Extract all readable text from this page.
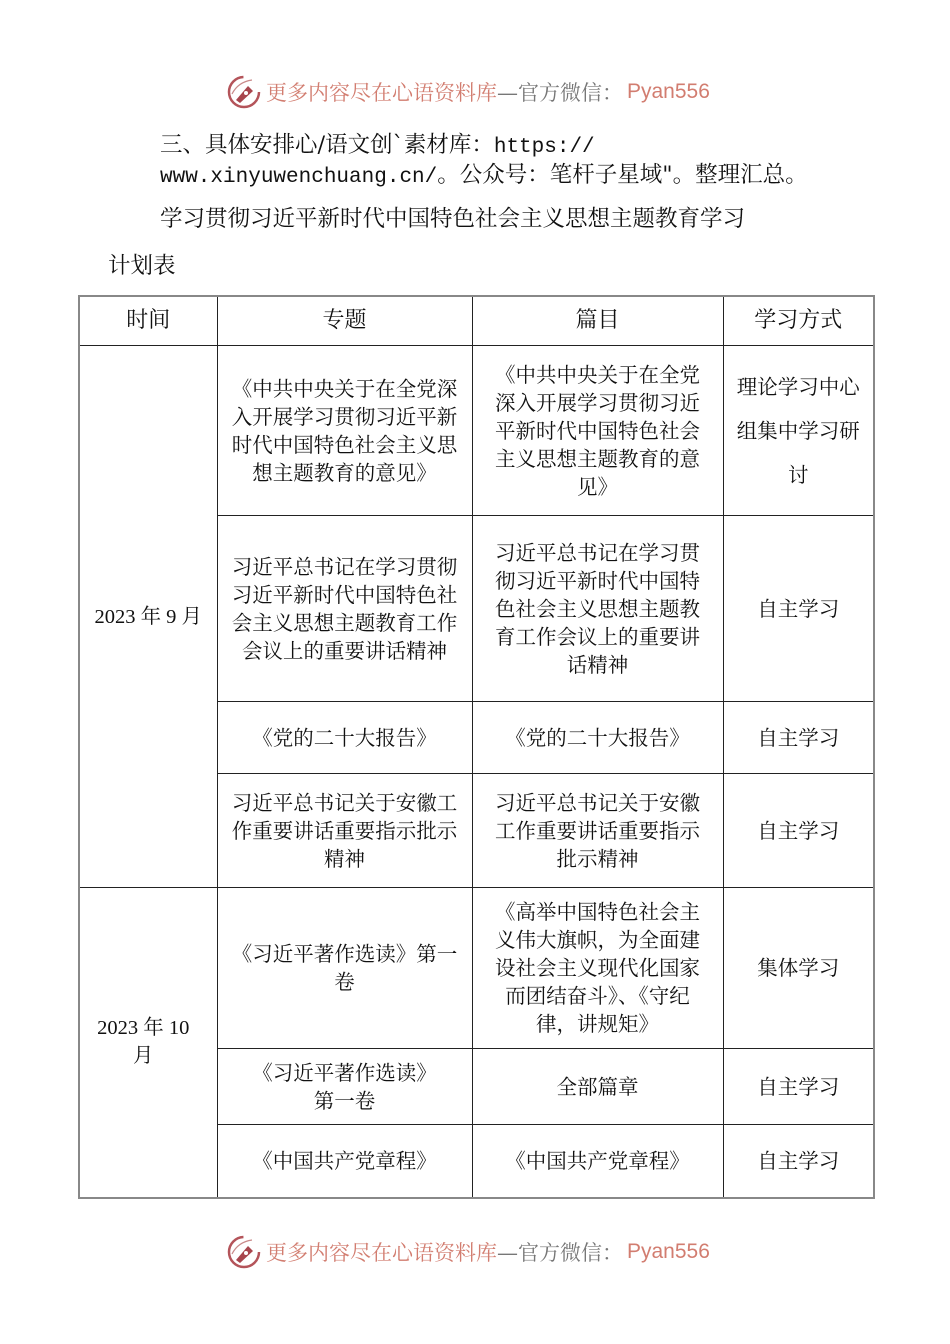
更多内容尽在心语资料库 —官方微信： Pyan556
三、具体安排心/语文创`素材库：https://
www.xinyuwenchuang.cn/。公众号：笔杆子星域"。整理汇总。
学习贯彻习近平新时代中国特色社会主义思想主题教育学习
计划表
时间	专题	篇目	学习方式
2023 年 9 月	《中共中央关于在全党深入开展学习贯彻习近平新时代中国特色社会主义思想主题教育的意见》	《中共中央关于在全党深入开展学习贯彻习近平新时代中国特色社会主义思想主题教育的意见》	理论学习中心组集中学习研讨
	习近平总书记在学习贯彻习近平新时代中国特色社会主义思想主题教育工作会议上的重要讲话精神	习近平总书记在学习贯彻习近平新时代中国特色社会主义思想主题教育工作会议上的重要讲话精神	自主学习
	《党的二十大报告》	《党的二十大报告》	自主学习
	习近平总书记关于安徽工作重要讲话重要指示批示精神	习近平总书记关于安徽工作重要讲话重要指示批示精神	自主学习
2023 年 10 月	《习近平著作选读》第一卷	《高举中国特色社会主义伟大旗帜，为全面建设社会主义现代化国家而团结奋斗》、《守纪律，讲规矩》	集体学习
	《习近平著作选读》第一卷	全部篇章	自主学习
	《中国共产党章程》	《中国共产党章程》	自主学习
更多内容尽在心语资料库 —官方微信： Pyan556
